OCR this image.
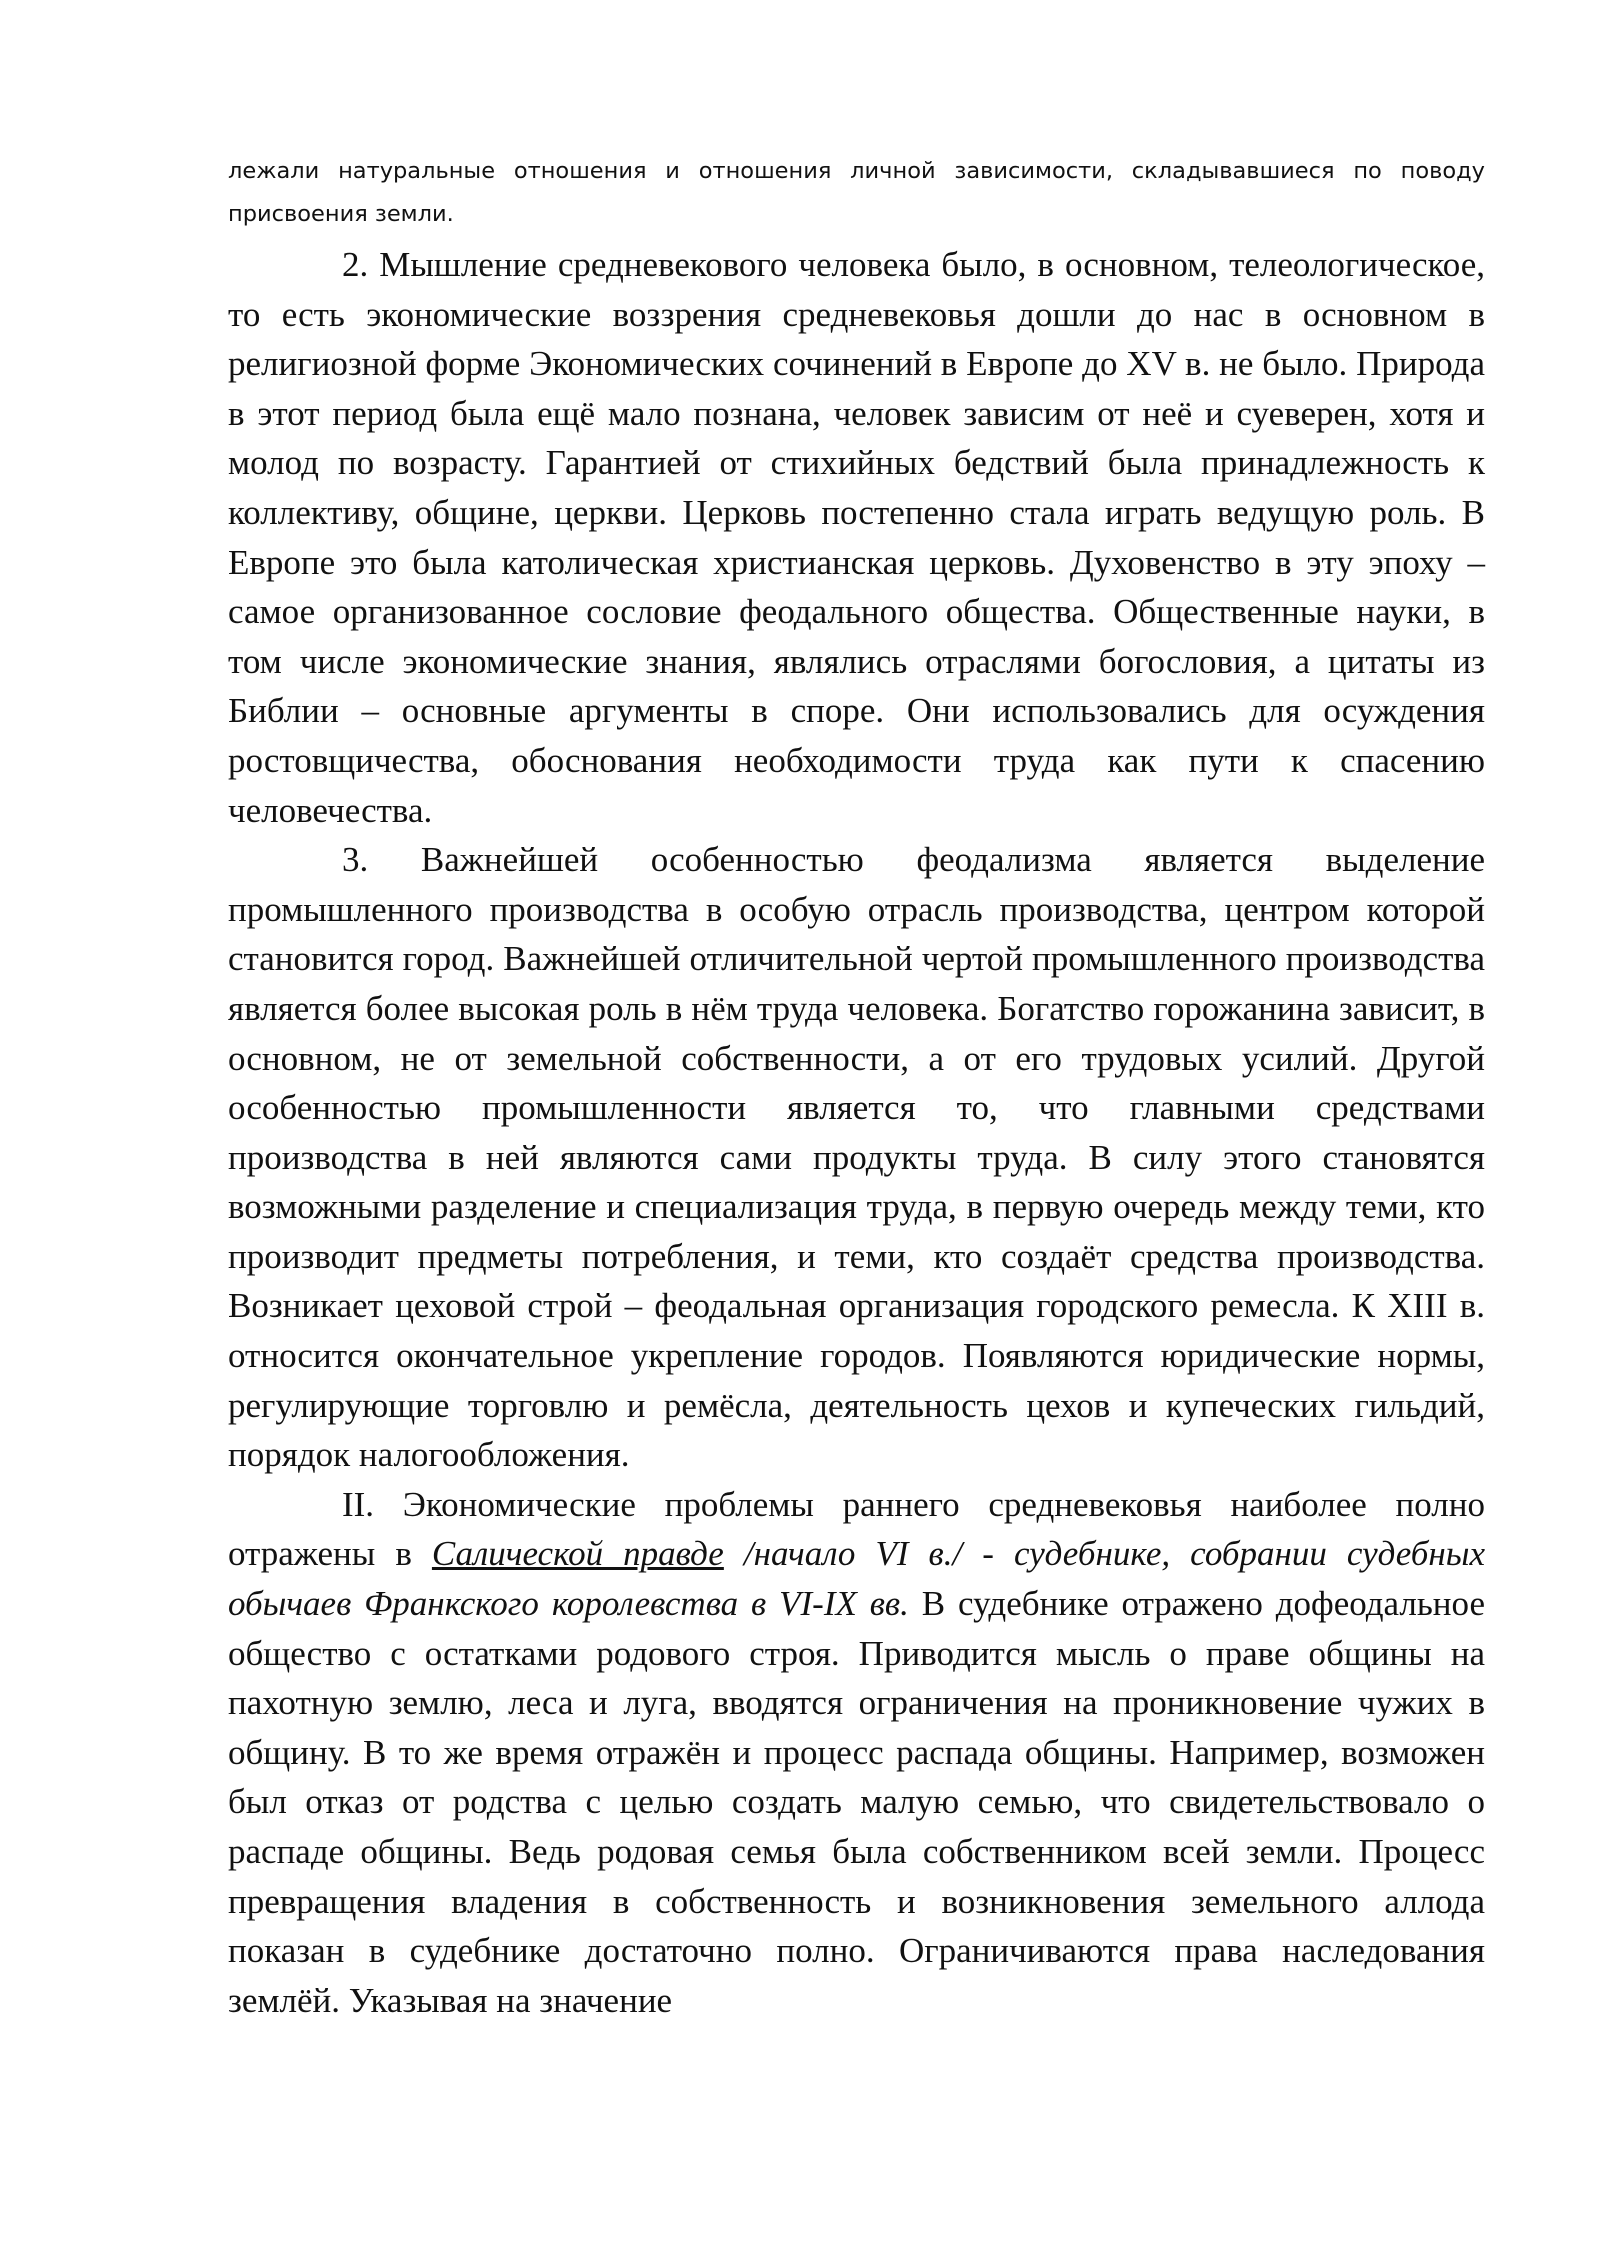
лежали натуральные отношения и отношения личной зависимости, складывавшиеся по поводу присвоения земли.

2. Мышление средневекового человека было, в основном, телеологическое, то есть экономические воззрения средневековья дошли до нас в основном в религиозной форме Экономических сочинений в Европе до XV в. не было. Природа в этот период была ещё мало познана, человек зависим от неё и суеверен, хотя и молод по возрасту. Гарантией от стихийных бедствий была принадлежность к коллективу, общине, церкви. Церковь постепенно стала играть ведущую роль. В Европе это была католическая христианская церковь. Духовенство в эту эпоху – самое организованное сословие феодального общества. Общественные науки, в том числе экономические знания, являлись отраслями богословия, а цитаты из Библии – основные аргументы в споре. Они использовались для осуждения ростовщичества, обоснования необходимости труда как пути к спасению человечества.

3. Важнейшей особенностью феодализма является выделение промышленного производства в особую отрасль производства, центром которой становится город. Важнейшей отличительной чертой промышленного производства является более высокая роль в нём труда человека. Богатство горожанина зависит, в основном, не от земельной собственности, а от его трудовых усилий. Другой особенностью промышленности является то, что главными средствами производства в ней являются сами продукты труда. В силу этого становятся возможными разделение и специализация труда, в первую очередь между теми, кто производит предметы потребления, и теми, кто создаёт средства производства. Возникает цеховой строй – феодальная организация городского ремесла. К XIII в. относится окончательное укрепление городов. Появляются юридические нормы, регулирующие торговлю и ремёсла, деятельность цехов и купеческих гильдий, порядок налогообложения.

II. Экономические проблемы раннего средневековья наиболее полно отражены в Салической правде /начало VI в./ - судебнике, собрании судебных обычаев Франкского королевства в VI-IX вв. В судебнике отражено дофеодальное общество с остатками родового строя. Приводится мысль о праве общины на пахотную землю, леса и луга, вводятся ограничения на проникновение чужих в общину. В то же время отражён и процесс распада общины. Например, возможен был отказ от родства с целью создать малую семью, что свидетельствовало о распаде общины. Ведь родовая семья была собственником всей земли. Процесс превращения владения в собственность и возникновения земельного аллода показан в судебнике достаточно полно. Ограничиваются права наследования землёй. Указывая на значение
